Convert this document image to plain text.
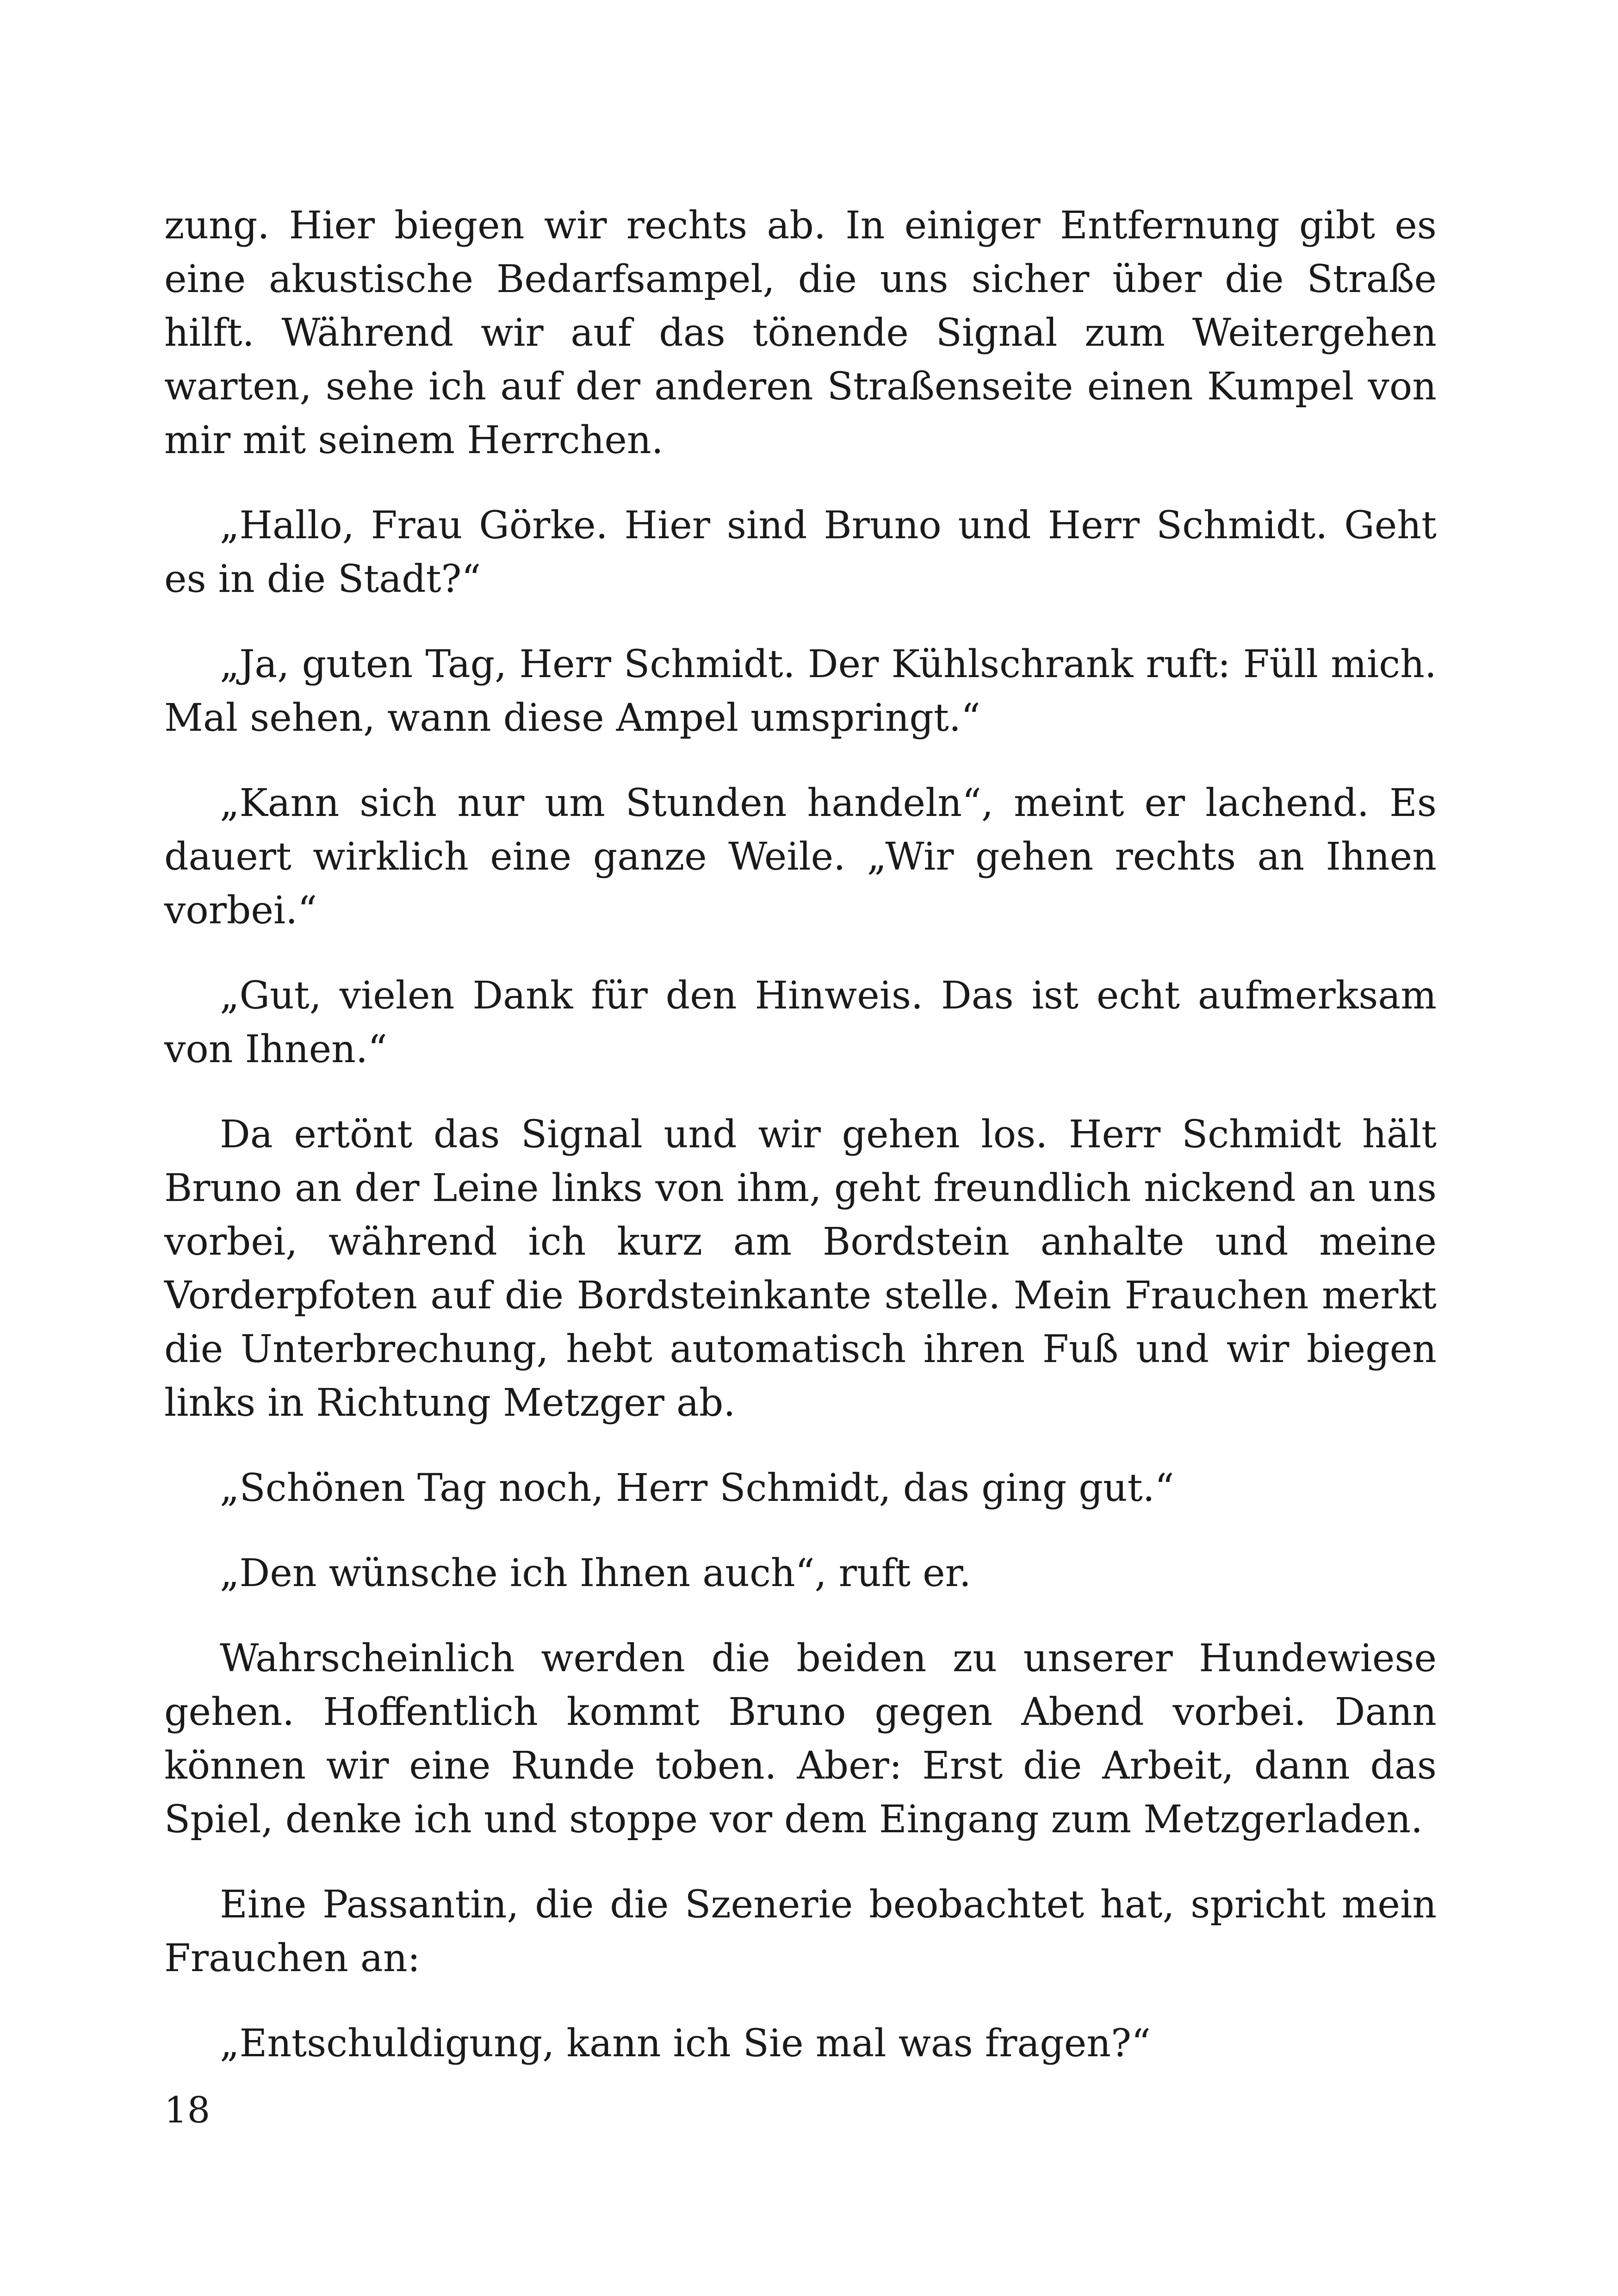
zung. Hier biegen wir rechts ab. In einiger Entfernung gibt es eine akustische Bedarfsampel, die uns sicher über die Straße hilft. Während wir auf das tönende Signal zum Weitergehen warten, sehe ich auf der anderen Straßenseite einen Kumpel von mir mit seinem Herrchen.

„Hallo, Frau Görke. Hier sind Bruno und Herr Schmidt. Geht es in die Stadt?“

„Ja, guten Tag, Herr Schmidt. Der Kühlschrank ruft: Füll mich. Mal sehen, wann diese Ampel umspringt.“

„Kann sich nur um Stunden handeln“, meint er lachend. Es dauert wirklich eine ganze Weile. „Wir gehen rechts an Ihnen vorbei.“

„Gut, vielen Dank für den Hinweis. Das ist echt aufmerksam von Ihnen.“

Da ertönt das Signal und wir gehen los. Herr Schmidt hält Bruno an der Leine links von ihm, geht freundlich nickend an uns vorbei, während ich kurz am Bordstein anhalte und meine Vorderpfoten auf die Bordsteinkante stelle. Mein Frauchen merkt die Unterbrechung, hebt automatisch ihren Fuß und wir biegen links in Richtung Metzger ab.

„Schönen Tag noch, Herr Schmidt, das ging gut.“

„Den wünsche ich Ihnen auch“, ruft er.

Wahrscheinlich werden die beiden zu unserer Hundewiese gehen. Hoffentlich kommt Bruno gegen Abend vorbei. Dann können wir eine Runde toben. Aber: Erst die Arbeit, dann das Spiel, denke ich und stoppe vor dem Eingang zum Metzgerladen.

Eine Passantin, die die Szenerie beobachtet hat, spricht mein Frauchen an:

„Entschuldigung, kann ich Sie mal was fragen?“

18
